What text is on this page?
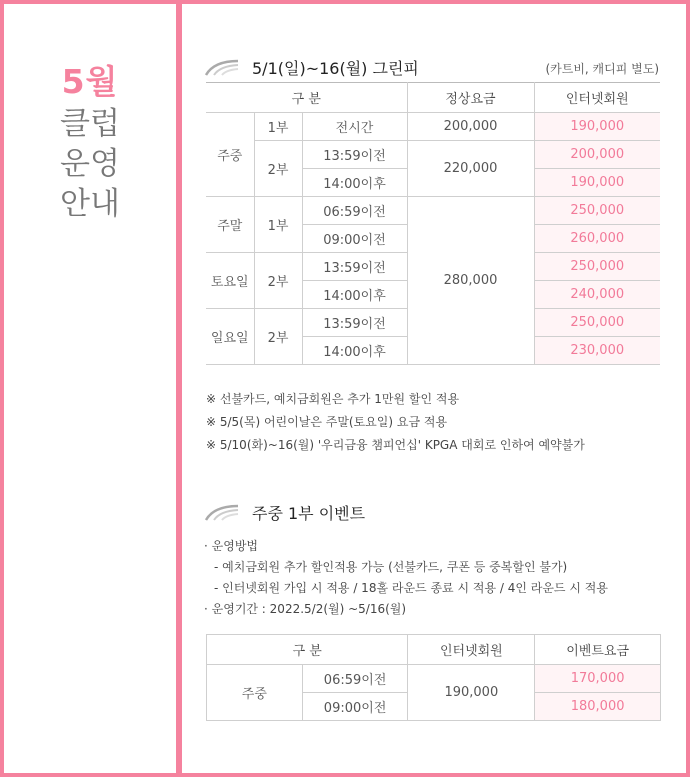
5월
클럽
운영
안내
5/1(일)~16(월) 그린피	(카트비, 캐디피 별도)
구 분			정상요금	인터넷회원
주중	1부	전시간	200,000	190,000
	2부	13:59이전	220,000	200,000
		14:00이후		190,000
주말	1부	06:59이전	280,000	250,000
		09:00이전		260,000
토요일	2부	13:59이전		250,000
		14:00이후		240,000
일요일	2부	13:59이전		250,000
		14:00이후		230,000
※ 선불카드, 예치금회원은 추가 1만원 할인 적용
※ 5/5(목) 어린이날은 주말(토요일) 요금 적용
※ 5/10(화)~16(월) '우리금융 챔피언십' KPGA 대회로 인하여 예약불가
주중 1부 이벤트
· 운영방법
- 예치금회원 추가 할인적용 가능 (선불카드, 쿠폰 등 중복할인 불가)
- 인터넷회원 가입 시 적용 / 18홀 라운드 종료 시 적용 / 4인 라운드 시 적용
· 운영기간 : 2022.5/2(월) ~5/16(월)
구 분		인터넷회원	이벤트요금
주중	06:59이전	190,000	170,000
	09:00이전		180,000
